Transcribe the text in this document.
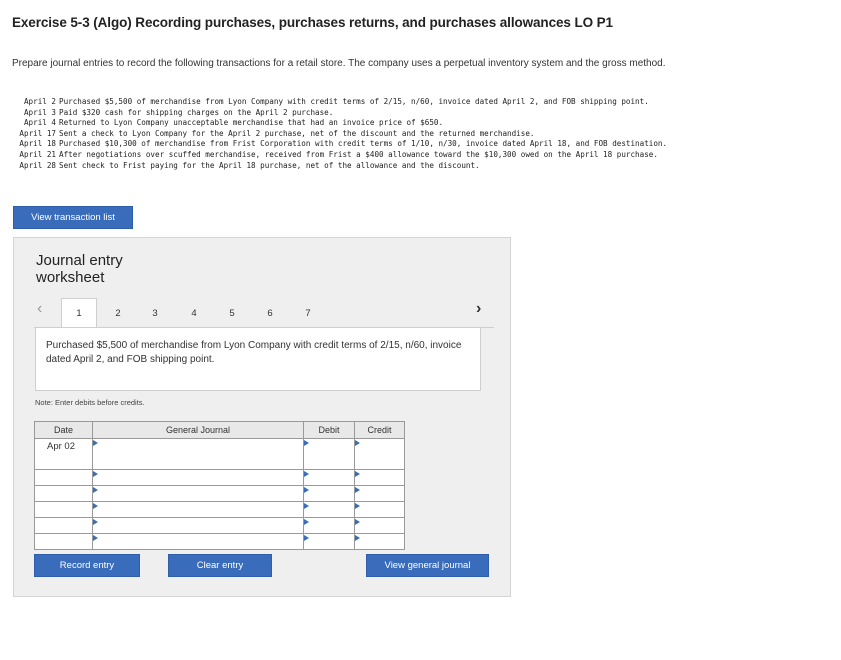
Exercise 5-3 (Algo) Recording purchases, purchases returns, and purchases allowances LO P1
Prepare journal entries to record the following transactions for a retail store. The company uses a perpetual inventory system and the gross method.
April 2 Purchased $5,500 of merchandise from Lyon Company with credit terms of 2/15, n/60, invoice dated April 2, and FOB shipping point.
April 3 Paid $320 cash for shipping charges on the April 2 purchase.
April 4 Returned to Lyon Company unacceptable merchandise that had an invoice price of $650.
April 17 Sent a check to Lyon Company for the April 2 purchase, net of the discount and the returned merchandise.
April 18 Purchased $10,300 of merchandise from Frist Corporation with credit terms of 1/10, n/30, invoice dated April 18, and FOB destination.
April 21 After negotiations over scuffed merchandise, received from Frist a $400 allowance toward the $10,300 owed on the April 18 purchase.
April 28 Sent check to Frist paying for the April 18 purchase, net of the allowance and the discount.
View transaction list
Journal entry worksheet
‹	1	2	3	4	5	6	7	›
Purchased $5,500 of merchandise from Lyon Company with credit terms of 2/15, n/60, invoice dated April 2, and FOB shipping point.
Note: Enter debits before credits.
Date	General Journal	Debit	Credit
Apr 02	

Record entry	Clear entry	View general journal
